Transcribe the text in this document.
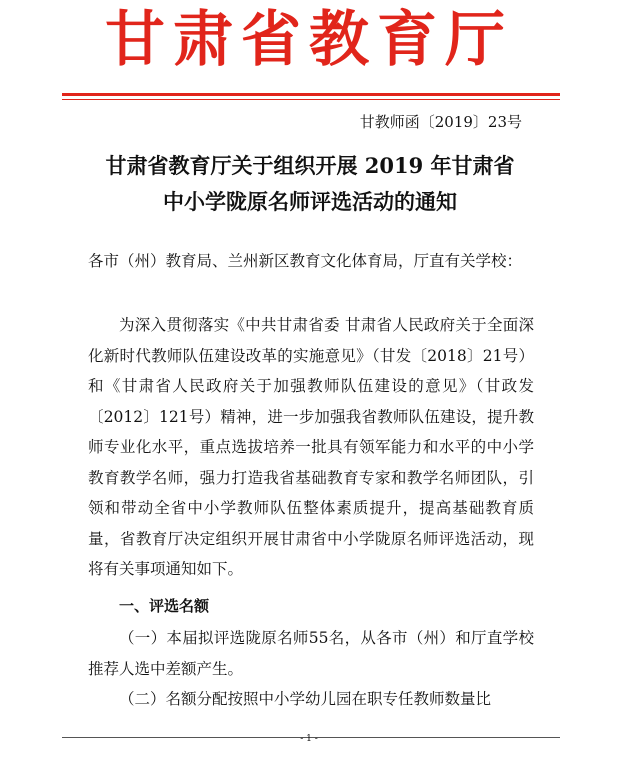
甘肃省教育厅
甘教师函〔2019〕23号
甘肃省教育厅关于组织开展 2019 年甘肃省
中小学陇原名师评选活动的通知

各市（州）教育局、兰州新区教育文化体育局，厅直有关学校：

为深入贯彻落实《中共甘肃省委 甘肃省人民政府关于全面深化新时代教师队伍建设改革的实施意见》（甘发〔2018〕21号）和《甘肃省人民政府关于加强教师队伍建设的意见》（甘政发〔2012〕121号）精神，进一步加强我省教师队伍建设，提升教师专业化水平，重点选拔培养一批具有领军能力和水平的中小学教育教学名师，强力打造我省基础教育专家和教学名师团队，引领和带动全省中小学教师队伍整体素质提升，提高基础教育质量，省教育厅决定组织开展甘肃省中小学陇原名师评选活动，现将有关事项通知如下。

一、评选名额

（一）本届拟评选陇原名师55名，从各市（州）和厅直学校推荐人选中差额产生。

（二）名额分配按照中小学幼儿园在职专任教师数量比

- 1 -
